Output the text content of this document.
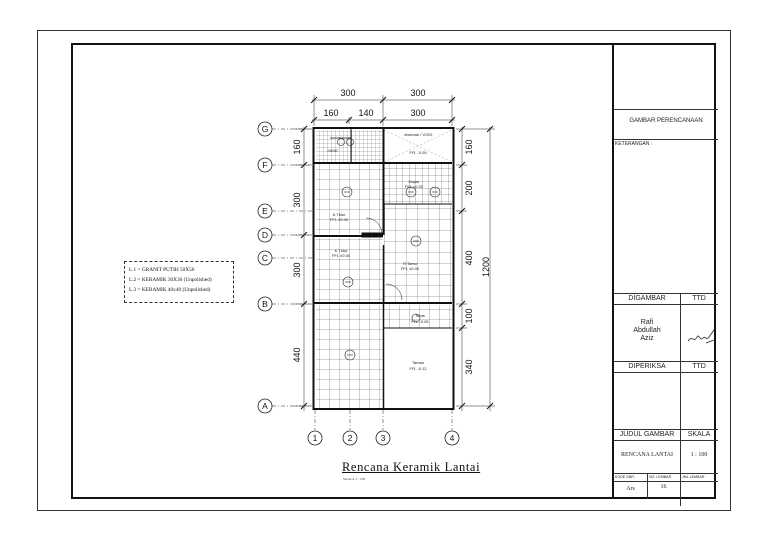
Jemuran / VOID
FFL -0.05
Dapur
FFL ±0.00
K.Tidur
FFL ±0.00
R.Tamu
FFL ±0.00
K.Tidur
FFL ±0.00
Teras
FFL -0.05
Taman
FFL -0.12
KM/WC
G
F
E
D
C
B
A
1	2	3	4
300	300
160 140	300
160
300
300
440
160
200
400
100
340
1200
L.1 = GRANIT PUTIH 50X50
L.2 = KERAMIK 30X30 (Unpolished)
L.3 = KERAMIK 40x40 (Unpolished)
Rencana Keramik Lantai
SKALA 1 : 100
GAMBAR PERENCANAAN
KETERANGAN :
DIGAMBAR	TTD
Rafi
Abdullah
Aziz
DIPERIKSA	TTD
JUDUL GAMBAR	SKALA
RENCANA LANTAI	1 : 100
KODE GBR.	NO. LEMBAR	JML LEMBAR
Ars	16
